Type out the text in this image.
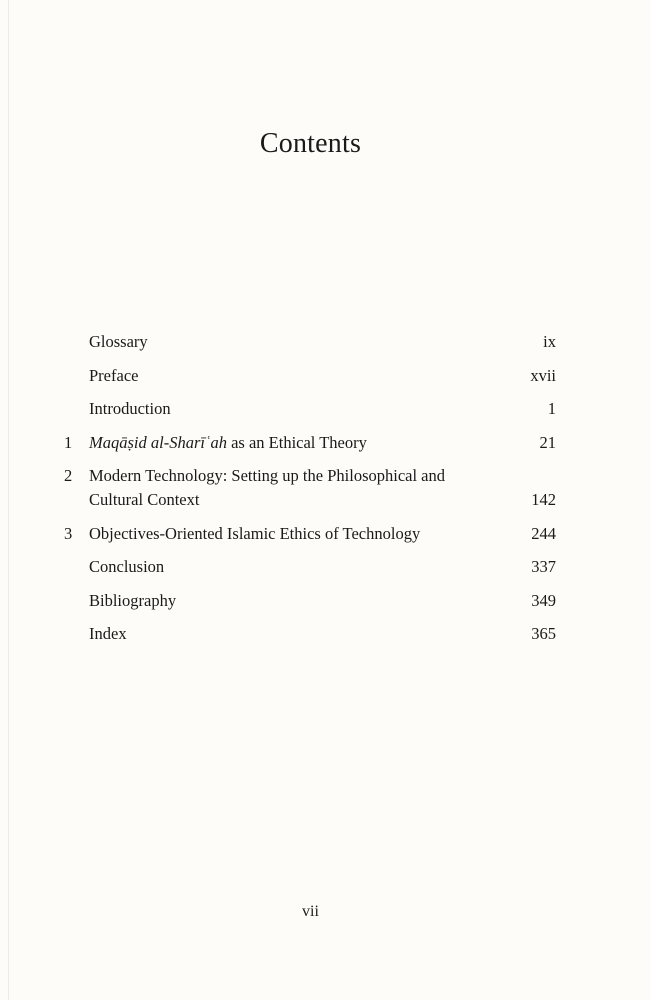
Contents
Glossary	ix
Preface	xvii
Introduction	1
1	Maqāṣid al-Sharīʿah as an Ethical Theory	21
2	Modern Technology: Setting up the Philosophical and Cultural Context	142
3	Objectives-Oriented Islamic Ethics of Technology	244
Conclusion	337
Bibliography	349
Index	365
vii
